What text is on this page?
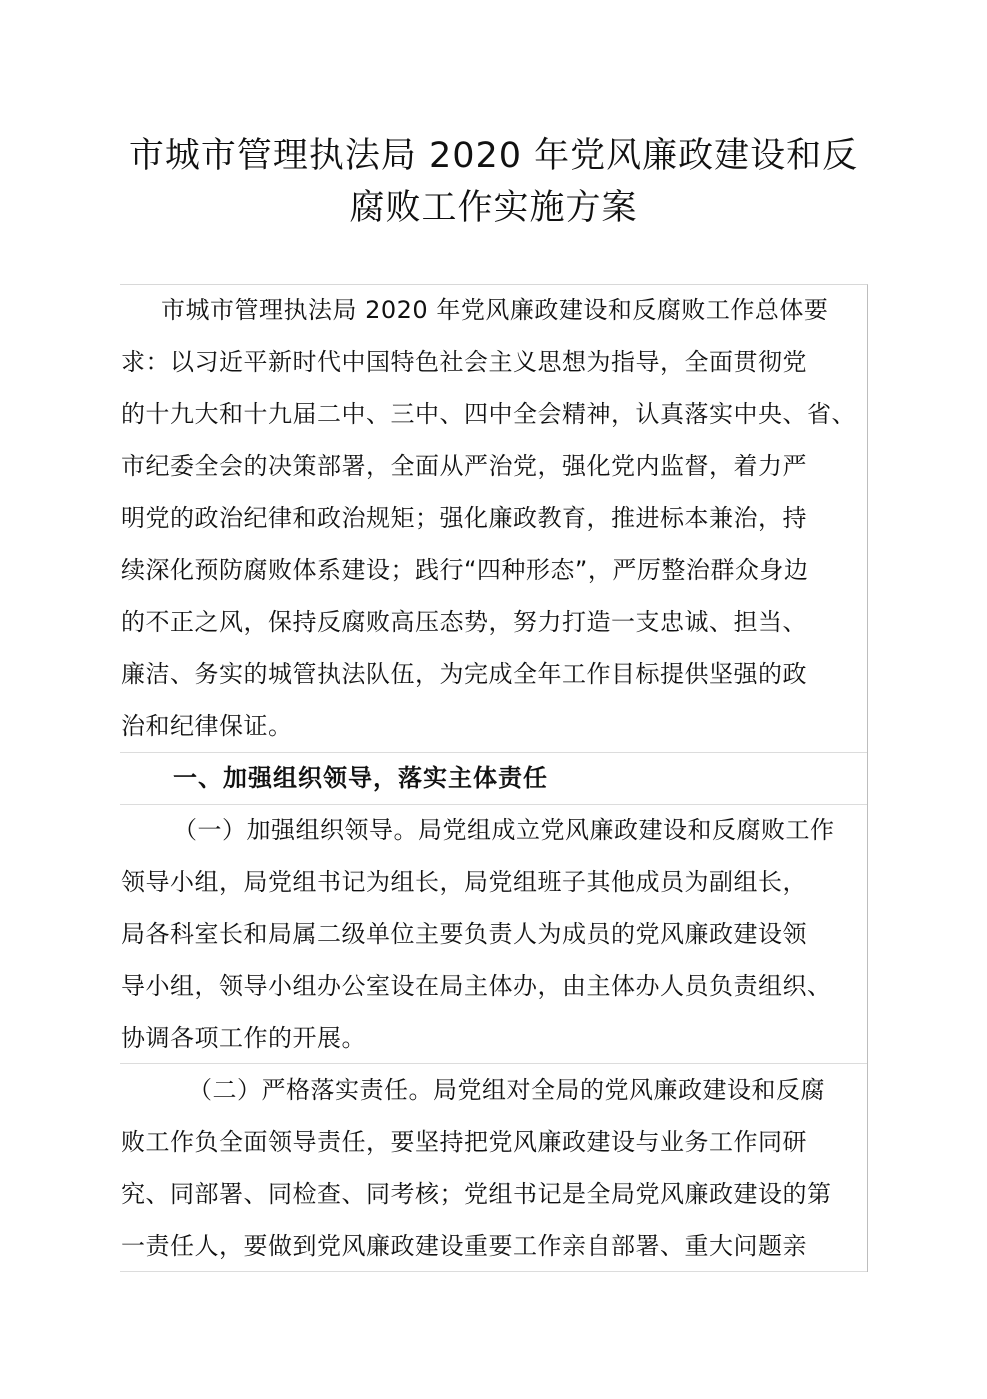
市城市管理执法局 2020 年党风廉政建设和反
腐败工作实施方案
市城市管理执法局 2020 年党风廉政建设和反腐败工作总体要
求：以习近平新时代中国特色社会主义思想为指导，全面贯彻党
的十九大和十九届二中、三中、四中全会精神，认真落实中央、省、
市纪委全会的决策部署，全面从严治党，强化党内监督，着力严
明党的政治纪律和政治规矩；强化廉政教育，推进标本兼治，持
续深化预防腐败体系建设；践行“四种形态”，严厉整治群众身边
的不正之风，保持反腐败高压态势，努力打造一支忠诚、担当、
廉洁、务实的城管执法队伍，为完成全年工作目标提供坚强的政
治和纪律保证。
一、加强组织领导，落实主体责任
（一）加强组织领导。局党组成立党风廉政建设和反腐败工作
领导小组，局党组书记为组长，局党组班子其他成员为副组长，
局各科室长和局属二级单位主要负责人为成员的党风廉政建设领
导小组，领导小组办公室设在局主体办，由主体办人员负责组织、
协调各项工作的开展。
（二）严格落实责任。局党组对全局的党风廉政建设和反腐
败工作负全面领导责任，要坚持把党风廉政建设与业务工作同研
究、同部署、同检查、同考核；党组书记是全局党风廉政建设的第
一责任人，要做到党风廉政建设重要工作亲自部署、重大问题亲
